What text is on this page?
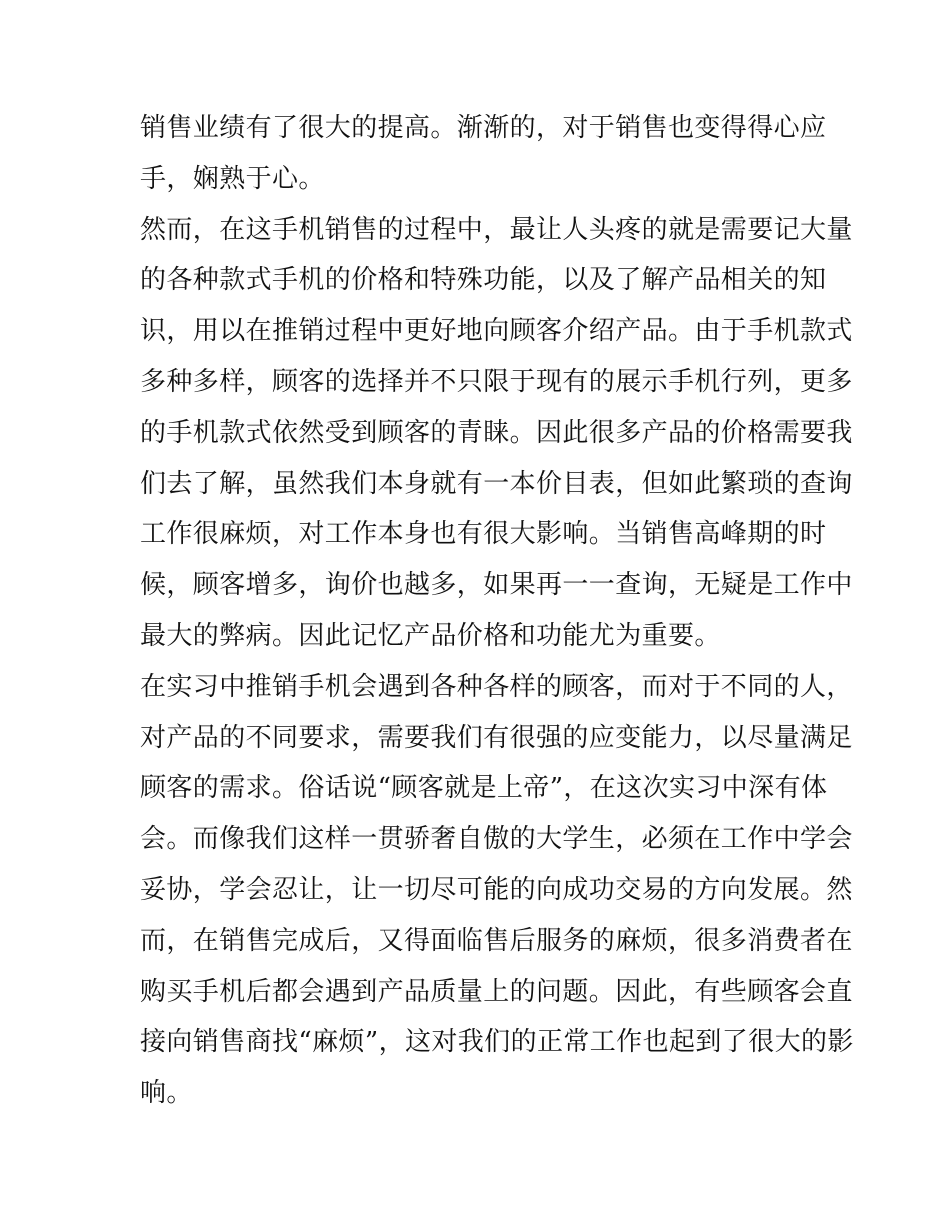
销售业绩有了很大的提高。渐渐的，对于销售也变得得心应
手，娴熟于心。
然而，在这手机销售的过程中，最让人头疼的就是需要记大量
的各种款式手机的价格和特殊功能，以及了解产品相关的知
识，用以在推销过程中更好地向顾客介绍产品。由于手机款式
多种多样，顾客的选择并不只限于现有的展示手机行列，更多
的手机款式依然受到顾客的青睐。因此很多产品的价格需要我
们去了解，虽然我们本身就有一本价目表，但如此繁琐的查询
工作很麻烦，对工作本身也有很大影响。当销售高峰期的时
候，顾客增多，询价也越多，如果再一一查询，无疑是工作中
最大的弊病。因此记忆产品价格和功能尤为重要。
在实习中推销手机会遇到各种各样的顾客，而对于不同的人，
对产品的不同要求，需要我们有很强的应变能力，以尽量满足
顾客的需求。俗话说“顾客就是上帝”，在这次实习中深有体
会。而像我们这样一贯骄奢自傲的大学生，必须在工作中学会
妥协，学会忍让，让一切尽可能的向成功交易的方向发展。然
而，在销售完成后，又得面临售后服务的麻烦，很多消费者在
购买手机后都会遇到产品质量上的问题。因此，有些顾客会直
接向销售商找“麻烦”，这对我们的正常工作也起到了很大的影
响。
